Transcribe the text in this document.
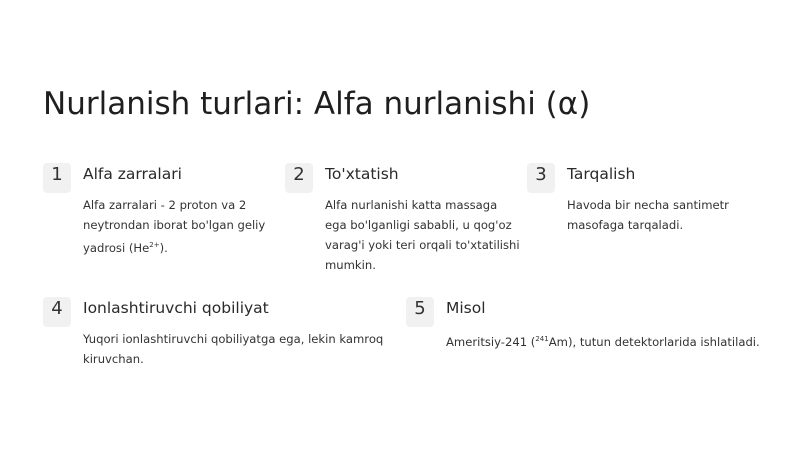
Nurlanish turlari: Alfa nurlanishi (α)
1	Alfa zarralari
Alfa zarralari - 2 proton va 2 neytrondan iborat bo'lgan geliy yadrosi $(He^{2+})$.
2	To'xtatish
Alfa nurlanishi katta massaga ega bo'lganligi sababli, u qog'oz varag'i yoki teri orqali to'xtatilishi mumkin.
3	Tarqalish
Havoda bir necha santimetr masofaga tarqaladi.
4	Ionlashtiruvchi qobiliyat
Yuqori ionlashtiruvchi qobiliyatga ega, lekin kamroq kiruvchan.
5	Misol
Ameritsiy-241 ($^{241}$Am), tutun detektorlarida ishlatiladi.
